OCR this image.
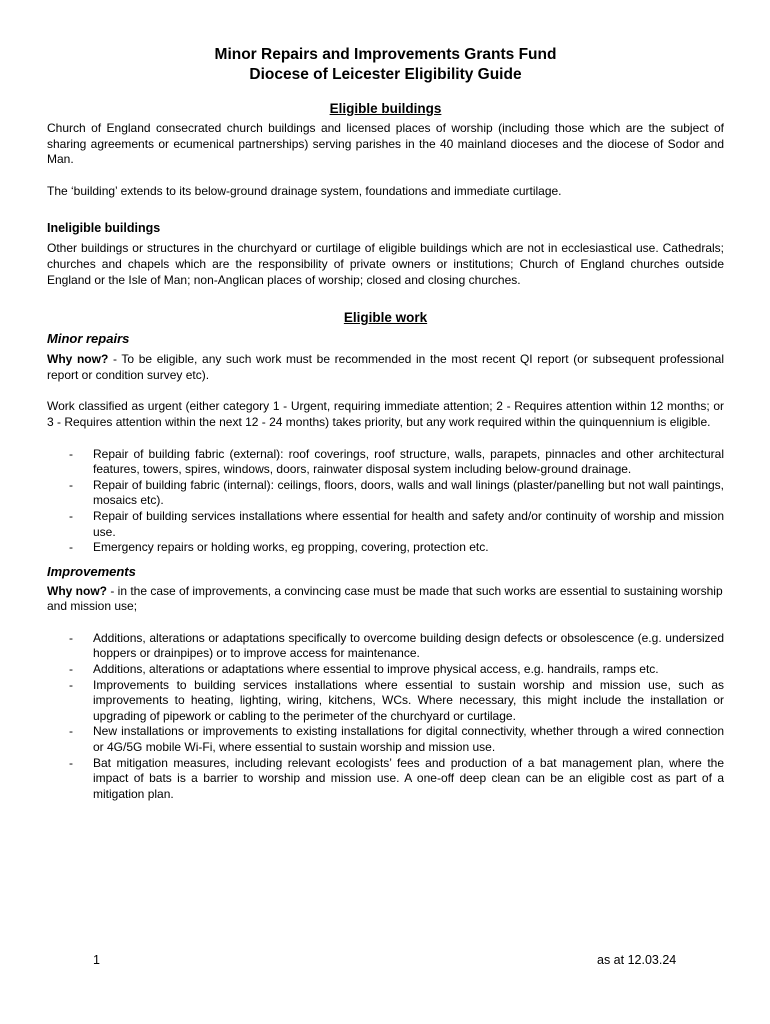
Minor Repairs and Improvements Grants Fund
Diocese of Leicester Eligibility Guide
Eligible buildings

Church of England consecrated church buildings and licensed places of worship (including those which are the subject of sharing agreements or ecumenical partnerships) serving parishes in the 40 mainland dioceses and the diocese of Sodor and Man.

The ‘building’ extends to its below-ground drainage system, foundations and immediate curtilage.

Ineligible buildings

Other buildings or structures in the churchyard or curtilage of eligible buildings which are not in ecclesiastical use. Cathedrals; churches and chapels which are the responsibility of private owners or institutions; Church of England churches outside England or the Isle of Man; non-Anglican places of worship; closed and closing churches.

Eligible work
Minor repairs

Why now? - To be eligible, any such work must be recommended in the most recent QI report (or subsequent professional report or condition survey etc).

Work classified as urgent (either category 1 - Urgent, requiring immediate attention; 2 - Requires attention within 12 months; or 3 - Requires attention within the next 12 - 24 months) takes priority, but any work required within the quinquennium is eligible.

- Repair of building fabric (external): roof coverings, roof structure, walls, parapets, pinnacles and other architectural features, towers, spires, windows, doors, rainwater disposal system including below-ground drainage.
- Repair of building fabric (internal): ceilings, floors, doors, walls and wall linings (plaster/panelling but not wall paintings, mosaics etc).
- Repair of building services installations where essential for health and safety and/or continuity of worship and mission use.
- Emergency repairs or holding works, eg propping, covering, protection etc.
Improvements

Why now? - in the case of improvements, a convincing case must be made that such works are essential to sustaining worship and mission use;

- Additions, alterations or adaptations specifically to overcome building design defects or obsolescence (e.g. undersized hoppers or drainpipes) or to improve access for maintenance.
- Additions, alterations or adaptations where essential to improve physical access, e.g. handrails, ramps etc.
- Improvements to building services installations where essential to sustain worship and mission use, such as improvements to heating, lighting, wiring, kitchens, WCs. Where necessary, this might include the installation or upgrading of pipework or cabling to the perimeter of the churchyard or curtilage.
- New installations or improvements to existing installations for digital connectivity, whether through a wired connection or 4G/5G mobile Wi-Fi, where essential to sustain worship and mission use.
- Bat mitigation measures, including relevant ecologists’ fees and production of a bat management plan, where the impact of bats is a barrier to worship and mission use. A one-off deep clean can be an eligible cost as part of a mitigation plan.
1	as at 12.03.24
